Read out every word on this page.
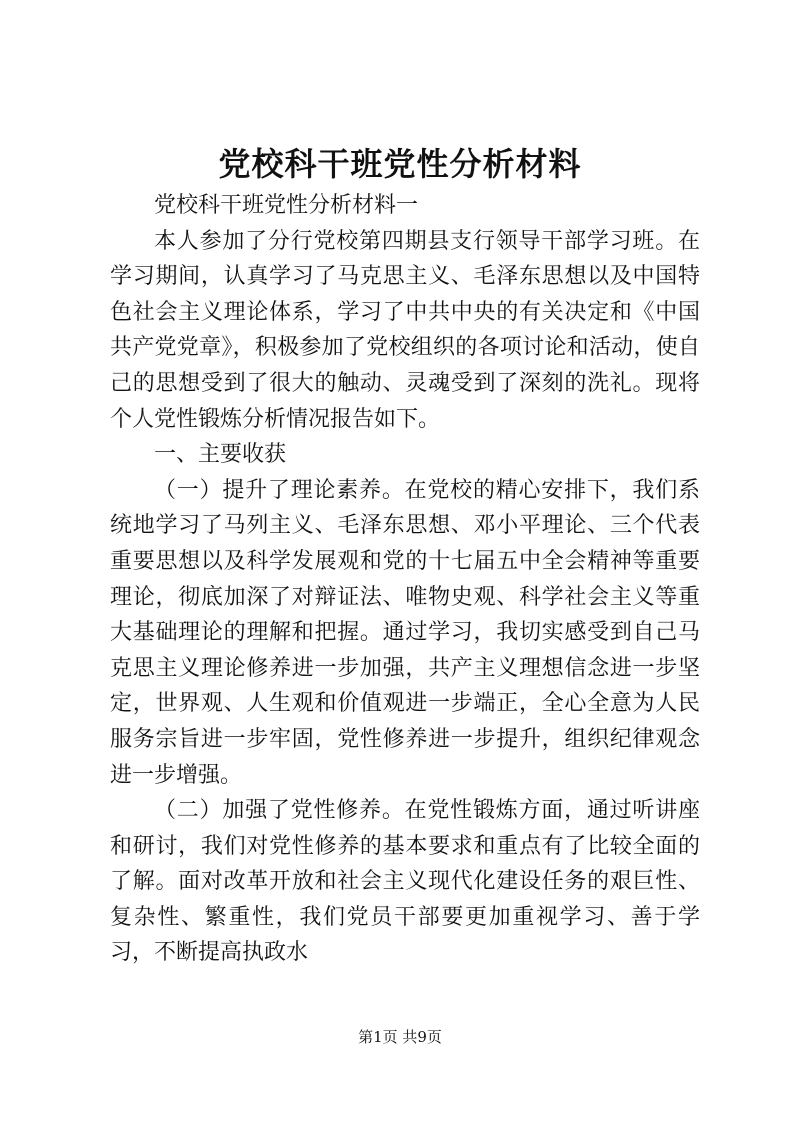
党校科干班党性分析材料

党校科干班党性分析材料一

本人参加了分行党校第四期县支行领导干部学习班。在学习期间，认真学习了马克思主义、毛泽东思想以及中国特色社会主义理论体系，学习了中共中央的有关决定和《中国共产党党章》，积极参加了党校组织的各项讨论和活动，使自己的思想受到了很大的触动、灵魂受到了深刻的洗礼。现将个人党性锻炼分析情况报告如下。

一、主要收获

（一）提升了理论素养。在党校的精心安排下，我们系统地学习了马列主义、毛泽东思想、邓小平理论、三个代表重要思想以及科学发展观和党的十七届五中全会精神等重要理论，彻底加深了对辩证法、唯物史观、科学社会主义等重大基础理论的理解和把握。通过学习，我切实感受到自己马克思主义理论修养进一步加强，共产主义理想信念进一步坚定，世界观、人生观和价值观进一步端正，全心全意为人民服务宗旨进一步牢固，党性修养进一步提升，组织纪律观念进一步增强。

（二）加强了党性修养。在党性锻炼方面，通过听讲座和研讨，我们对党性修养的基本要求和重点有了比较全面的了解。面对改革开放和社会主义现代化建设任务的艰巨性、复杂性、繁重性，我们党员干部要更加重视学习、善于学习，不断提高执政水

第1页 共9页
